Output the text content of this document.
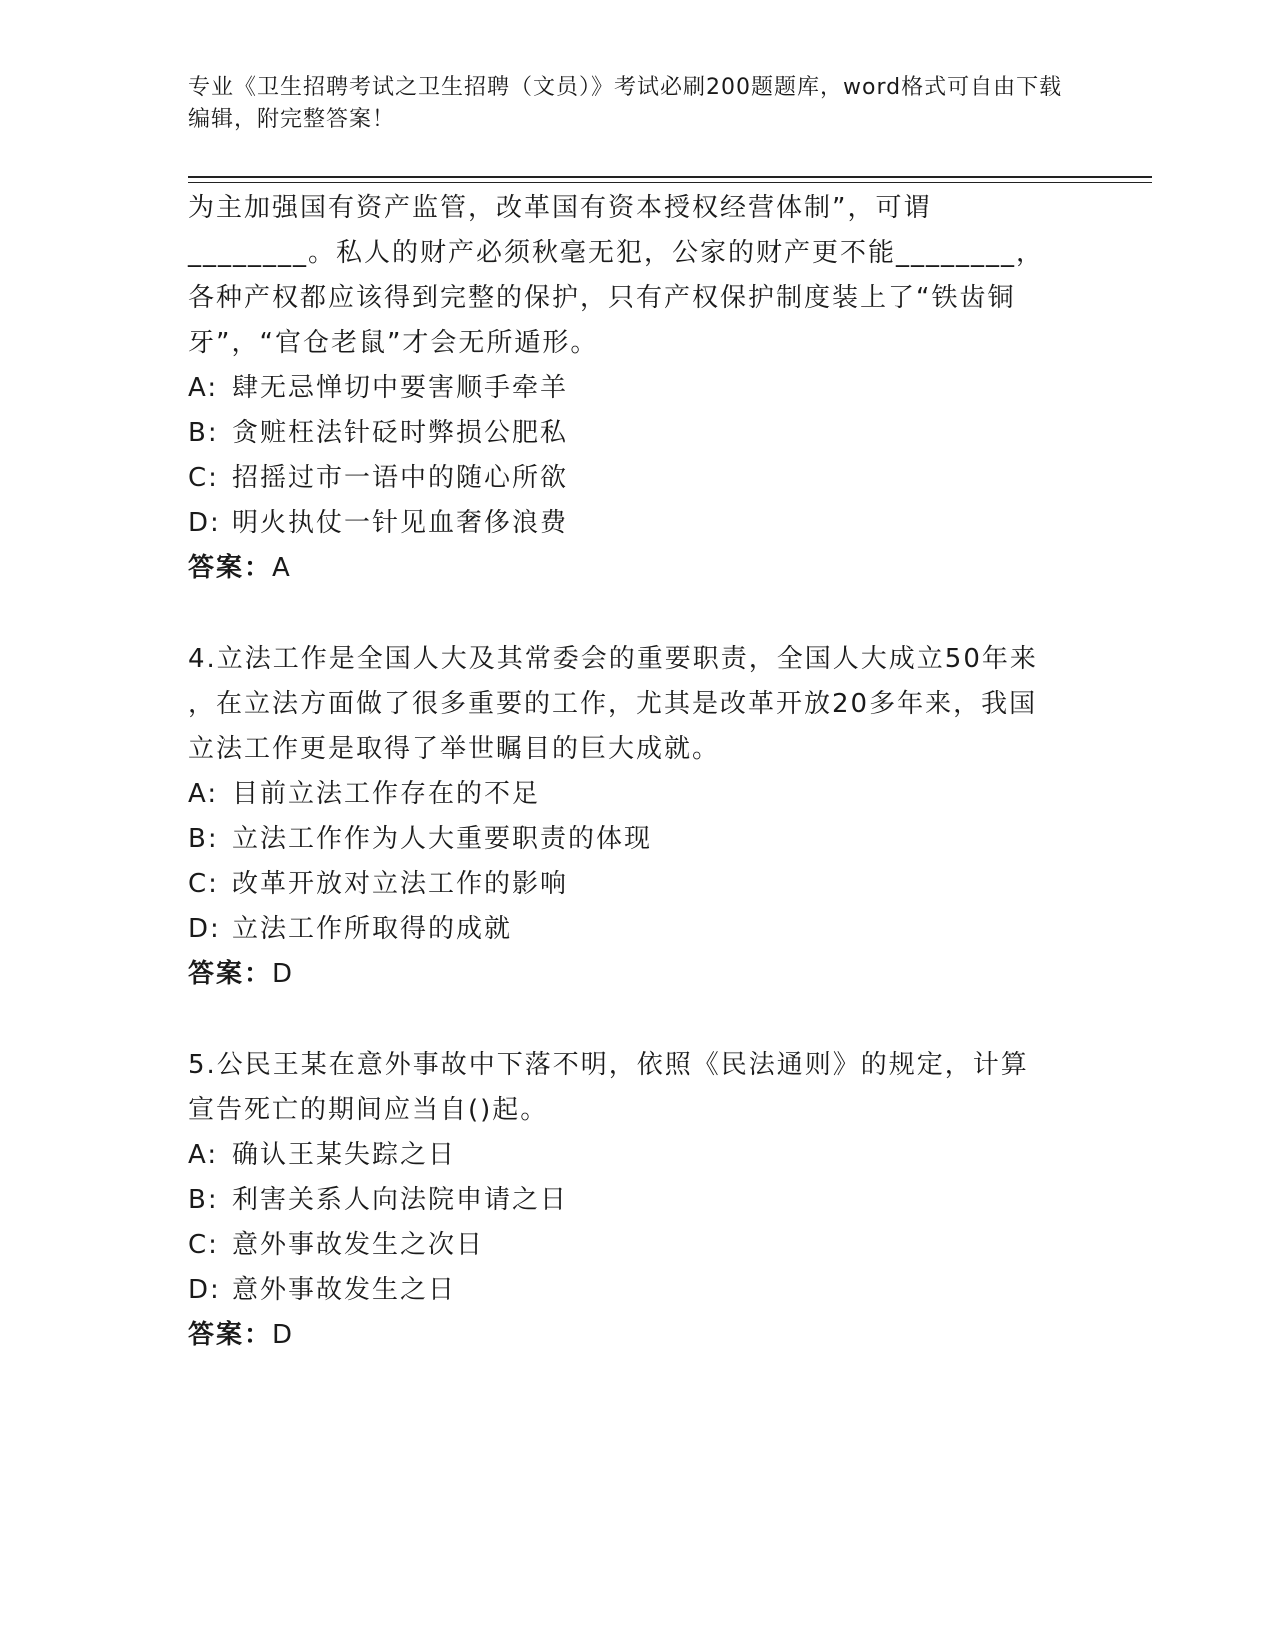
专业《卫生招聘考试之卫生招聘（文员）》考试必刷200题题库，word格式可自由下载编辑，附完整答案！

为主加强国有资产监管，改革国有资本授权经营体制”，可谓

________。私人的财产必须秋毫无犯，公家的财产更不能________，

各种产权都应该得到完整的保护，只有产权保护制度装上了“铁齿铜

牙”，“官仓老鼠”才会无所遁形。

A: 肆无忌惮切中要害顺手牵羊

B: 贪赃枉法针砭时弊损公肥私

C: 招摇过市一语中的随心所欲

D: 明火执仗一针见血奢侈浪费

答案：A

4.立法工作是全国人大及其常委会的重要职责，全国人大成立50年来

，在立法方面做了很多重要的工作，尤其是改革开放20多年来，我国

立法工作更是取得了举世瞩目的巨大成就。

A: 目前立法工作存在的不足

B: 立法工作作为人大重要职责的体现

C: 改革开放对立法工作的影响

D: 立法工作所取得的成就

答案：D

5.公民王某在意外事故中下落不明，依照《民法通则》的规定，计算

宣告死亡的期间应当自()起。

A: 确认王某失踪之日

B: 利害关系人向法院申请之日

C: 意外事故发生之次日

D: 意外事故发生之日

答案：D
